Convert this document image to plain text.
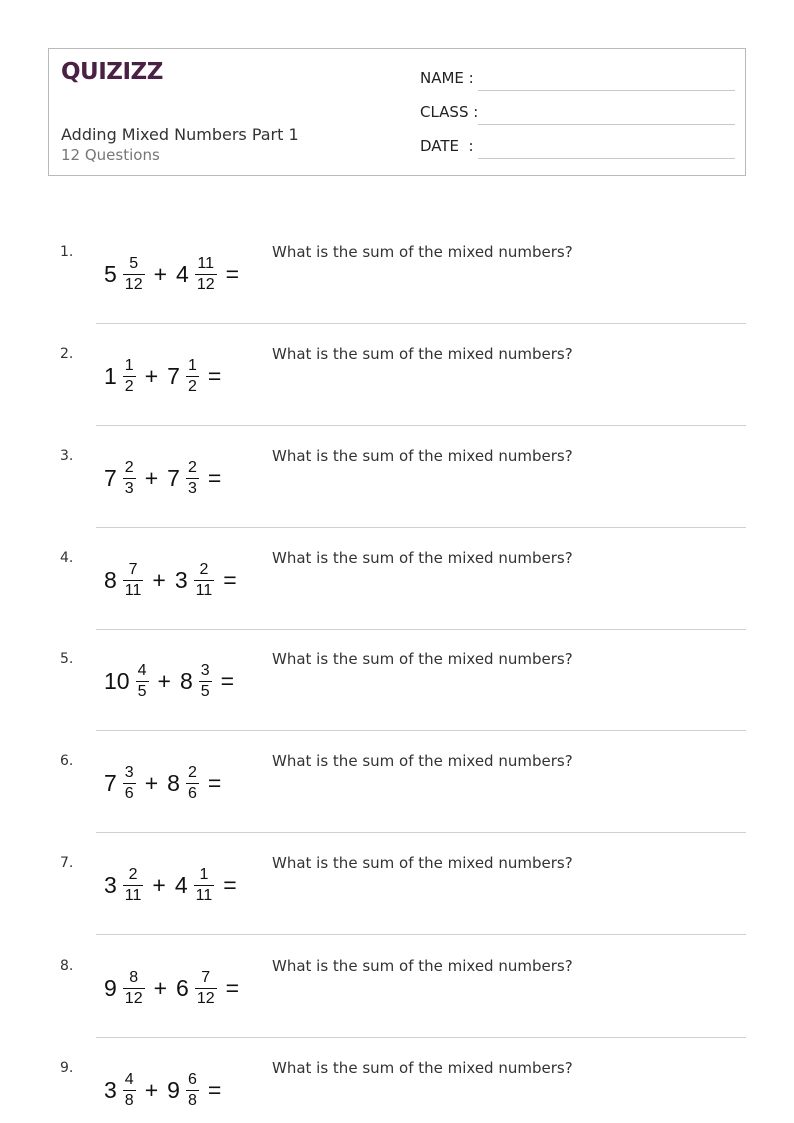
QUIZIZZ
Adding Mixed Numbers Part 1
12 Questions
NAME :
CLASS :
DATE  :
1.
$5 \frac{5}{12} + 4 \frac{11}{12}$ =
What is the sum of the mixed numbers?
2.
$1 \frac{1}{2} + 7 \frac{1}{2}$ =
What is the sum of the mixed numbers?
3.
$7 \frac{2}{3} + 7 \frac{2}{3}$ =
What is the sum of the mixed numbers?
4.
$8 \frac{7}{11} + 3 \frac{2}{11}$ =
What is the sum of the mixed numbers?
5.
$10 \frac{4}{5} + 8 \frac{3}{5}$ =
What is the sum of the mixed numbers?
6.
$7 \frac{3}{6} + 8 \frac{2}{6}$ =
What is the sum of the mixed numbers?
7.
$3 \frac{2}{11} + 4 \frac{1}{11}$ =
What is the sum of the mixed numbers?
8.
$9 \frac{8}{12} + 6 \frac{7}{12}$ =
What is the sum of the mixed numbers?
9.
$3 \frac{4}{8} + 9 \frac{6}{8}$ =
What is the sum of the mixed numbers?
